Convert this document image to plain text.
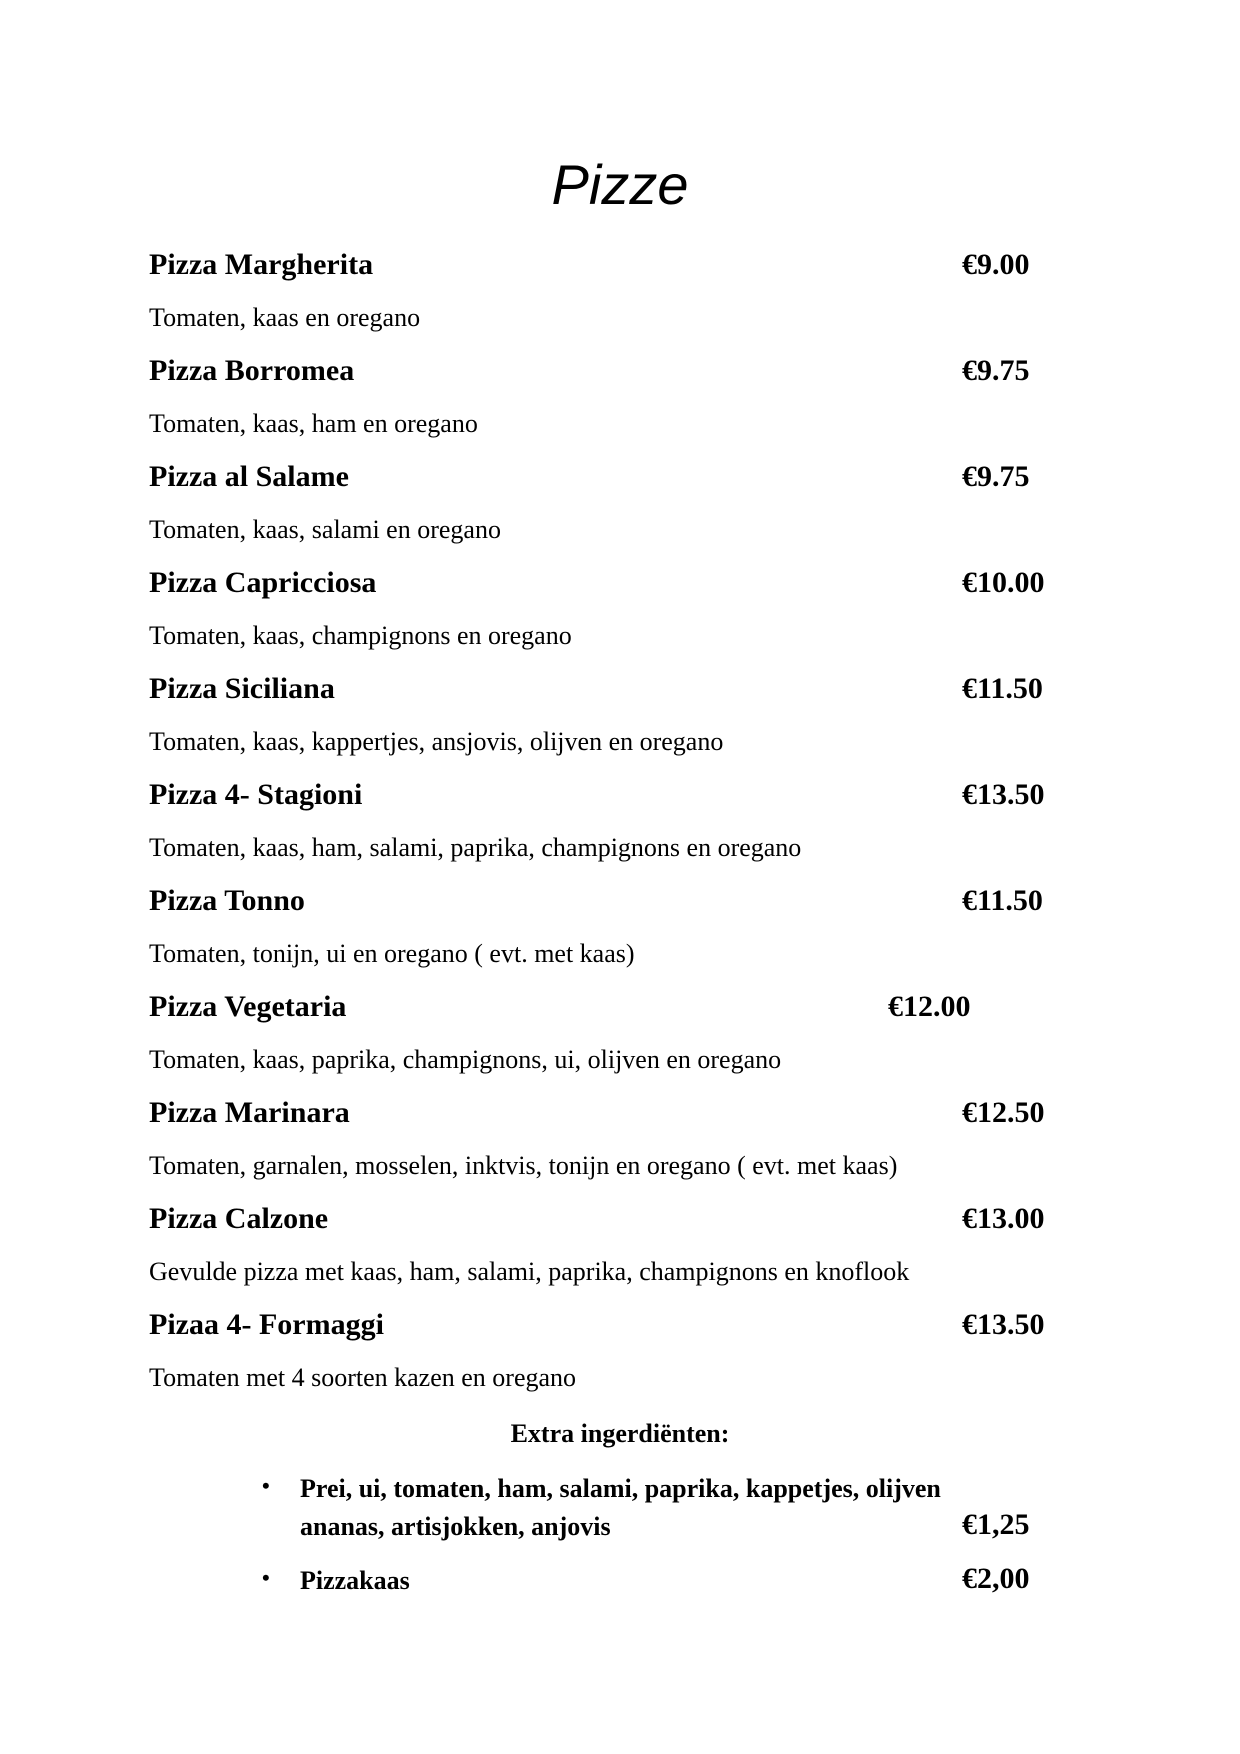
Pizze
Pizza Margherita	€9.00
Tomaten, kaas en oregano
Pizza Borromea	€9.75
Tomaten, kaas, ham en oregano
Pizza al Salame	€9.75
Tomaten, kaas, salami en oregano
Pizza Capricciosa	€10.00
Tomaten, kaas, champignons en oregano
Pizza Siciliana	€11.50
Tomaten, kaas, kappertjes, ansjovis, olijven en oregano
Pizza 4- Stagioni	€13.50
Tomaten, kaas, ham, salami, paprika, champignons en oregano
Pizza Tonno	€11.50
Tomaten, tonijn, ui en oregano ( evt. met kaas)
Pizza Vegetaria	€12.00
Tomaten, kaas, paprika, champignons, ui, olijven en oregano
Pizza Marinara	€12.50
Tomaten, garnalen, mosselen, inktvis, tonijn en oregano ( evt. met kaas)
Pizza Calzone	€13.00
Gevulde pizza met kaas, ham, salami, paprika, champignons en knoflook
Pizaa 4- Formaggi	€13.50
Tomaten met 4 soorten kazen en oregano
Extra ingerdiënten:
• Prei, ui, tomaten, ham, salami, paprika, kappetjes, olijven
ananas, artisjokken, anjovis	€1,25
• Pizzakaas	€2,00
